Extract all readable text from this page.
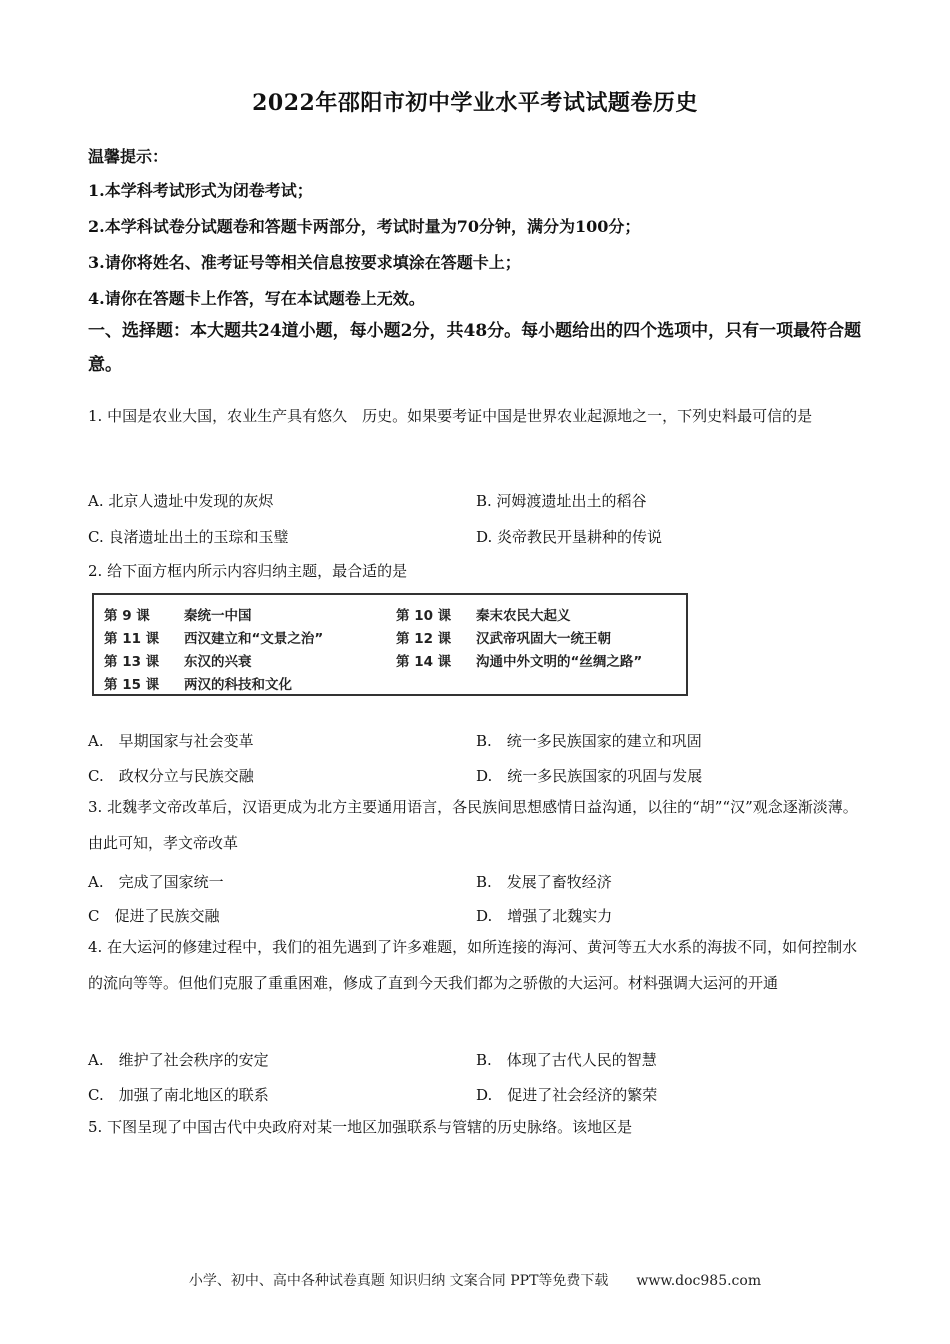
2022年邵阳市初中学业水平考试试题卷历史
温馨提示：
1.本学科考试形式为闭卷考试；
2.本学科试卷分试题卷和答题卡两部分，考试时量为70分钟，满分为100分；
3.请你将姓名、准考证号等相关信息按要求填涂在答题卡上；
4.请你在答题卡上作答，写在本试题卷上无效。
一、选择题：本大题共24道小题，每小题2分，共48分。每小题给出的四个选项中，只有一项最符合题意。
1. 中国是农业大国，农业生产具有悠久　历史。如果要考证中国是世界农业起源地之一，下列史料最可信的是
A. 北京人遗址中发现的灰烬	B. 河姆渡遗址出土的稻谷
C. 良渚遗址出土的玉琮和玉璧	D. 炎帝教民开垦耕种的传说
2. 给下面方框内所示内容归纳主题，最合适的是
第 9 课	秦统一中国	第 10 课 秦末农民大起义
第 11 课 西汉建立和“文景之治”	第 12 课 汉武帝巩固大一统王朝
第 13 课 东汉的兴衰	第 14 课 沟通中外文明的“丝绸之路”
第 15 课 两汉的科技和文化
A.　早期国家与社会变革	B.　统一多民族国家的建立和巩固
C.　政权分立与民族交融	D.　统一多民族国家的巩固与发展
3. 北魏孝文帝改革后，汉语更成为北方主要通用语言，各民族间思想感情日益沟通，以往的“胡”“汉”观念逐渐淡薄。由此可知，孝文帝改革
A.　完成了国家统一	B.　发展了畜牧经济
C　促进了民族交融	D.　增强了北魏实力
4. 在大运河的修建过程中，我们的祖先遇到了许多难题，如所连接的海河、黄河等五大水系的海拔不同，如何控制水的流向等等。但他们克服了重重困难，修成了直到今天我们都为之骄傲的大运河。材料强调大运河的开通
A.　维护了社会秩序的安定	B.　体现了古代人民的智慧
C.　加强了南北地区的联系	D.　促进了社会经济的繁荣
5. 下图呈现了中国古代中央政府对某一地区加强联系与管辖的历史脉络。该地区是
小学、初中、高中各种试卷真题 知识归纳 文案合同 PPT等免费下载　　www.doc985.com
